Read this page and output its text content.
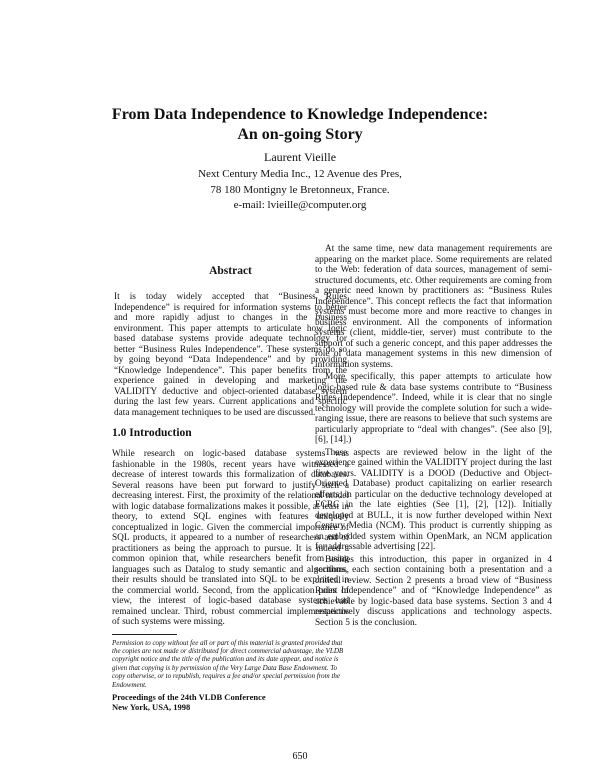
From Data Independence to Knowledge Independence:
An on-going Story

Laurent Vieille

Next Century Media Inc., 12 Avenue des Pres,

78 180 Montigny le Bretonneux, France.

e-mail: lvieille@computer.org

Abstract

It is today widely accepted that “Business Rules Independence” is required for information systems to better and more rapidly adjust to changes in the business environment. This paper attempts to articulate how logic based database systems provide adequate technology for better “Business Rules Independence”. These systems do so by going beyond “Data Independence” and by providing “Knowledge Independence”. This paper benefits from the experience gained in developing and marketing the VALIDITY deductive and object-oriented database system during the last few years. Current applications and specific data management techniques to be used are discussed.

1.0 Introduction

While research on logic-based database systems was fashionable in the 1980s, recent years have witnessed a decrease of interest towards this formalization of databases. Several reasons have been put forward to justify such a decreasing interest. First, the proximity of the relational model with logic database formalizations makes it possible, at least in theory, to extend SQL engines with features uniquely conceptualized in logic. Given the commercial importance of SQL products, it appeared to a number of researchers and of practitioners as being the approach to pursue. It is indeed a common opinion that, while researchers benefit from using languages such as Datalog to study semantic and algorithms, their results should be translated into SQL to be exploited in the commercial world. Second, from the application point of view, the interest of logic-based database systems had remained unclear. Third, robust commercial implementations of such systems were missing.

Permission to copy without fee all or part of this material is granted provided that the copies are not made or distributed for direct commercial advantage, the VLDB copyright notice and the title of the publication and its date appear, and notice is given that copying is by permission of the Very Large Data Base Endowment. To copy otherwise, or to republish, requires a fee and/or special permission from the Endowment.

Proceedings of the 24th VLDB Conference

New York, USA, 1998

At the same time, new data management requirements are appearing on the market place. Some requirements are related to the Web: federation of data sources, management of semi-structured documents, etc. Other requirements are coming from a generic need known by practitioners as: “Business Rules Independence”. This concept reflects the fact that information systems must become more and more reactive to changes in business environment. All the components of information systems (client, middle-tier, server) must contribute to the support of such a generic concept, and this paper addresses the role of data management systems in this new dimension of information systems.

More specifically, this paper attempts to articulate how logic-based rule & data base systems contribute to “Business Rules Independence”. Indeed, while it is clear that no single technology will provide the complete solution for such a wide-ranging issue, there are reasons to believe that such systems are particularly appropriate to “deal with changes”. (See also [9], [6], [14].)

These aspects are reviewed below in the light of the experience gained within the VALIDITY project during the last five years. VALIDITY is a DOOD (Deductive and Object-Oriented Database) product capitalizing on earlier research efforts, in particular on the deductive technology developed at ECRC in the late eighties (See [1], [2], [12]). Initially developed at BULL, it is now further developed within Next Century Media (NCM). This product is currently shipping as an embedded system within OpenMark, an NCM application for addressable advertising [22].

Besides this introduction, this paper in organized in 4 sections, each section containing both a presentation and a critical review. Section 2 presents a broad view of “Business Rules Independence” and of “Knowledge Independence” as achievable by logic-based data base systems. Section 3 and 4 respectively discuss applications and technology aspects. Section 5 is the conclusion.

650
